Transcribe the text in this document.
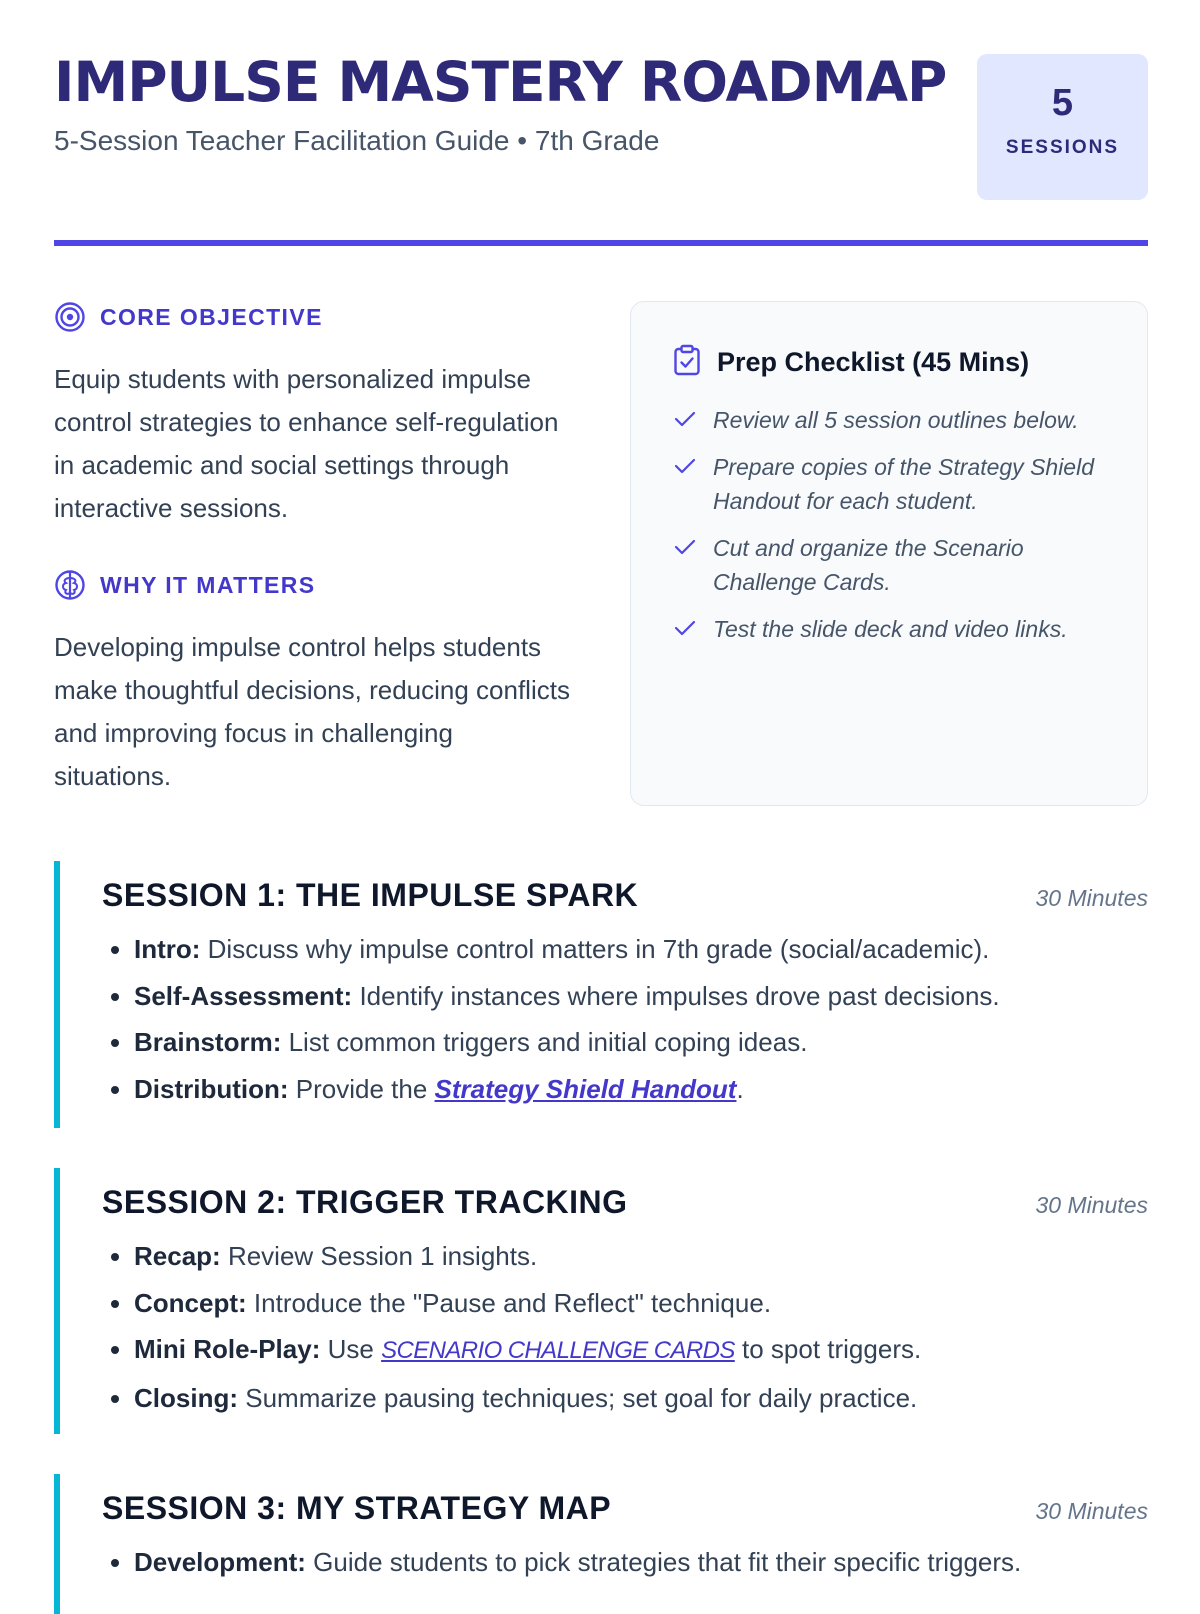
IMPULSE MASTERY ROADMAP
5-Session Teacher Facilitation Guide • 7th Grade
5
SESSIONS
CORE OBJECTIVE

Equip students with personalized impulse control strategies to enhance self-regulation in academic and social settings through interactive sessions.

WHY IT MATTERS

Developing impulse control helps students make thoughtful decisions, reducing conflicts and improving focus in challenging situations.

Prep Checklist (45 Mins)
Review all 5 session outlines below.
Prepare copies of the Strategy Shield Handout for each student.
Cut and organize the Scenario Challenge Cards.
Test the slide deck and video links.
SESSION 1: THE IMPULSE SPARK	30 Minutes
• Intro: Discuss why impulse control matters in 7th grade (social/academic).
• Self-Assessment: Identify instances where impulses drove past decisions.
• Brainstorm: List common triggers and initial coping ideas.
• Distribution: Provide the Strategy Shield Handout.
SESSION 2: TRIGGER TRACKING	30 Minutes
• Recap: Review Session 1 insights.
• Concept: Introduce the "Pause and Reflect" technique.
• Mini Role-Play: Use SCENARIO CHALLENGE CARDS to spot triggers.
• Closing: Summarize pausing techniques; set goal for daily practice.
SESSION 3: MY STRATEGY MAP	30 Minutes
• Development: Guide students to pick strategies that fit their specific triggers.
